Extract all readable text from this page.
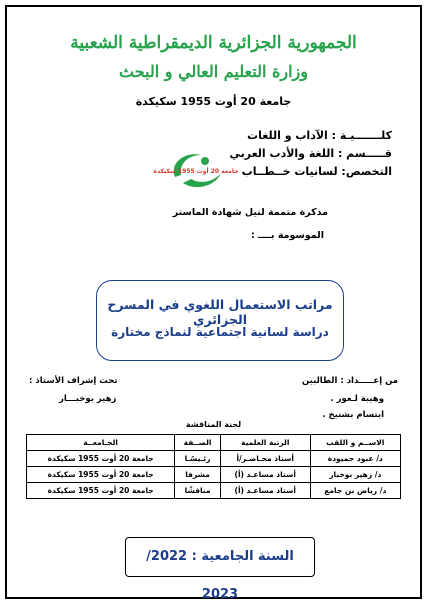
الجمهورية الجزائرية الديمقراطية الشعبية
وزارة التعليم العالي و البحث
جامعة 20 أوت 1955 سكيكدة
كلـــــــيـة : الآداب و اللغات
قـــــسم : اللغة والأدب العربي
التخصص: لسانيات خــطــاب
جامعة 20 أوت 1955 سكيكدة
مذكرة متممة لنيل شهادة الماستر
الموسومة بــــ :
مراتب الاستعمال اللغوي في المسرح الجزائري
دراسة لسانية اجتماعية لنماذج مختارة
من إعـــــداد : الطالبين
تحت إشراف الأستاذ :
وهيبة لـعور .
زهير بوخبـــار
ابتسام بشنيخ .
لجنة المناقشة
الاســم و اللقب	الرتبة العلمية	الصــفة	الجـامعــة
د/ عبود حميودة	أستاذ محـاضـر/أ	رئـيسًـا	جامعة 20 أوت 1955 سكيكدة
د/ زهير بوخبار	أستاذ مساعـد (أ)	مشرفا	جامعة 20 أوت 1955 سكيكدة
د/ رياض بن جامع	أستاذ مساعـد (أ)	مناقشًا	جامعة 20 أوت 1955 سكيكدة
السنة الجامعية : 2022/ 2023
